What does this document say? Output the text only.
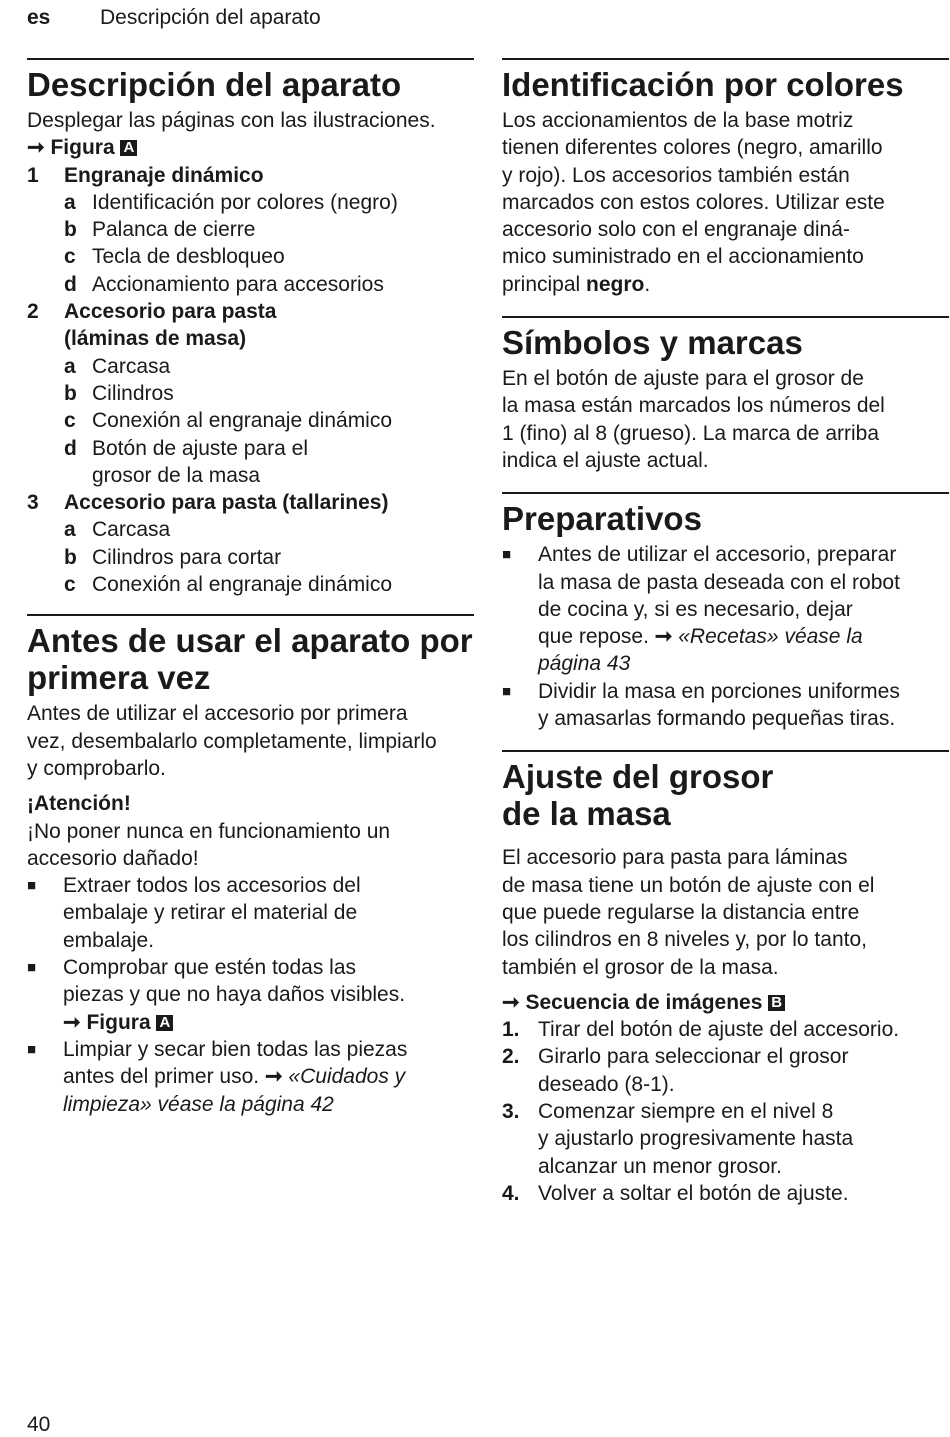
es Descripción del aparato
Descripción del aparato

Desplegar las páginas con las ilustraciones.

➞ Figura A
1	Engranaje dinámico
a Identificación por colores (negro)
b Palanca de cierre
c Tecla de desbloqueo
d Accionamiento para accesorios
2	Accesorio para pasta
(láminas de masa)
a Carcasa
b Cilindros
c Conexión al engranaje dinámico
d Botón de ajuste para el
grosor de la masa
3	Accesorio para pasta (tallarines)
a Carcasa
b Cilindros para cortar
c Conexión al engranaje dinámico
Antes de usar el aparato por
primera vez

Antes de utilizar el accesorio por primera
vez, desembalarlo completamente, limpiarlo
y comprobarlo.

¡Atención!

¡No poner nunca en funcionamiento un
accesorio dañado!

■	Extraer todos los accesorios del
embalaje y retirar el material de
embalaje.
■	Comprobar que estén todas las
piezas y que no haya daños visibles.
➞ Figura A
■	Limpiar y secar bien todas las piezas
antes del primer uso. ➞ «Cuidados y
limpieza» véase la página 42
Identificación por colores

Los accionamientos de la base motriz
tienen diferentes colores (negro, amarillo
y rojo). Los accesorios también están
marcados con estos colores. Utilizar este
accesorio solo con el engranaje diná-
mico suministrado en el accionamiento
principal negro.

Símbolos y marcas

En el botón de ajuste para el grosor de
la masa están marcados los números del
1 (fino) al 8 (grueso). La marca de arriba
indica el ajuste actual.

Preparativos
■	Antes de utilizar el accesorio, preparar
la masa de pasta deseada con el robot
de cocina y, si es necesario, dejar
que repose. ➞ «Recetas» véase la
página 43
■	Dividir la masa en porciones uniformes
y amasarlas formando pequeñas tiras.
Ajuste del grosor
de la masa

El accesorio para pasta para láminas
de masa tiene un botón de ajuste con el
que puede regularse la distancia entre
los cilindros en 8 niveles y, por lo tanto,
también el grosor de la masa.

➞ Secuencia de imágenes B
1. Tirar del botón de ajuste del accesorio.
2. Girarlo para seleccionar el grosor
deseado (8-1).
3. Comenzar siempre en el nivel 8
y ajustarlo progresivamente hasta
alcanzar un menor grosor.
4. Volver a soltar el botón de ajuste.
40
